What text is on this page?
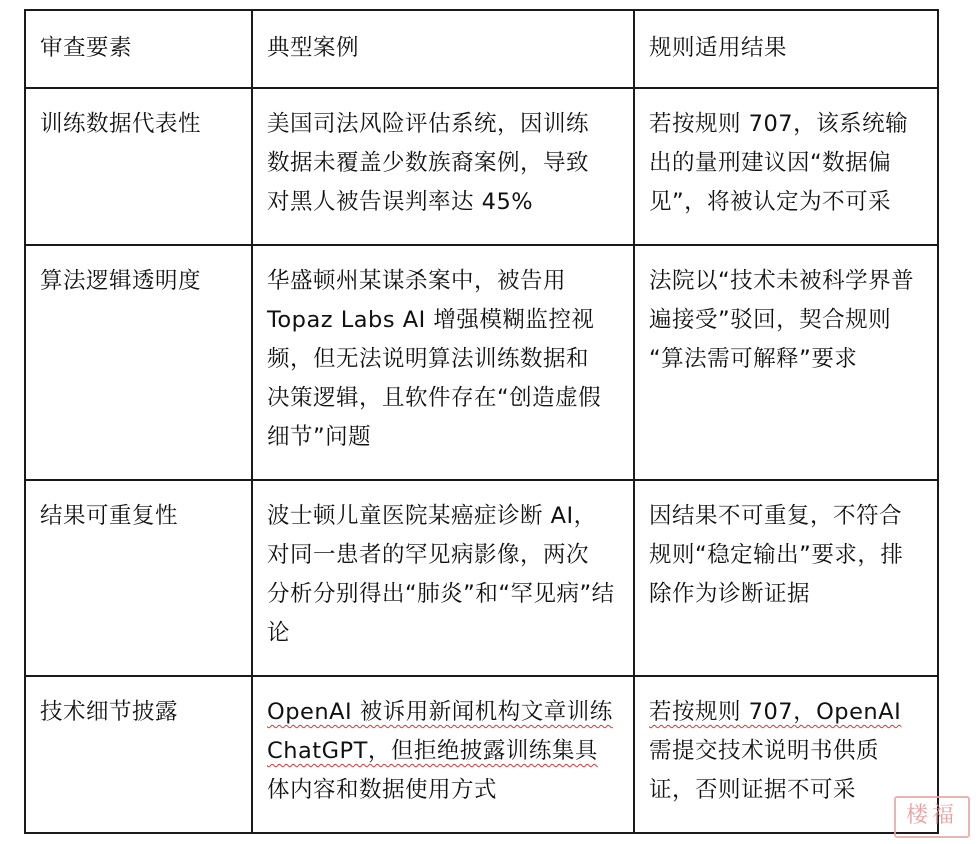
审查要素	典型案例	规则适用结果

训练数据代表性	美国司法风险评估系统，因训练
数据未覆盖少数族裔案例，导致
对黑人被告误判率达 45%	若按规则 707，该系统输
出的量刑建议因“数据偏
见”，将被认定为不可采

算法逻辑透明度	华盛顿州某谋杀案中，被告用
Topaz Labs AI 增强模糊监控视
频，但无法说明算法训练数据和
决策逻辑，且软件存在“创造虚假
细节”问题	法院以“技术未被科学界普
遍接受”驳回，契合规则
“算法需可解释”要求

结果可重复性	波士顿儿童医院某癌症诊断 AI，
对同一患者的罕见病影像，两次
分析分别得出“肺炎”和“罕见病”结
论	因结果不可重复，不符合
规则“稳定输出”要求，排
除作为诊断证据

技术细节披露	OpenAI 被诉用新闻机构文章训练
ChatGPT，但拒绝披露训练集具
体内容和数据使用方式	若按规则 707，OpenAI
需提交技术说明书供质
证，否则证据不可采
楼福
